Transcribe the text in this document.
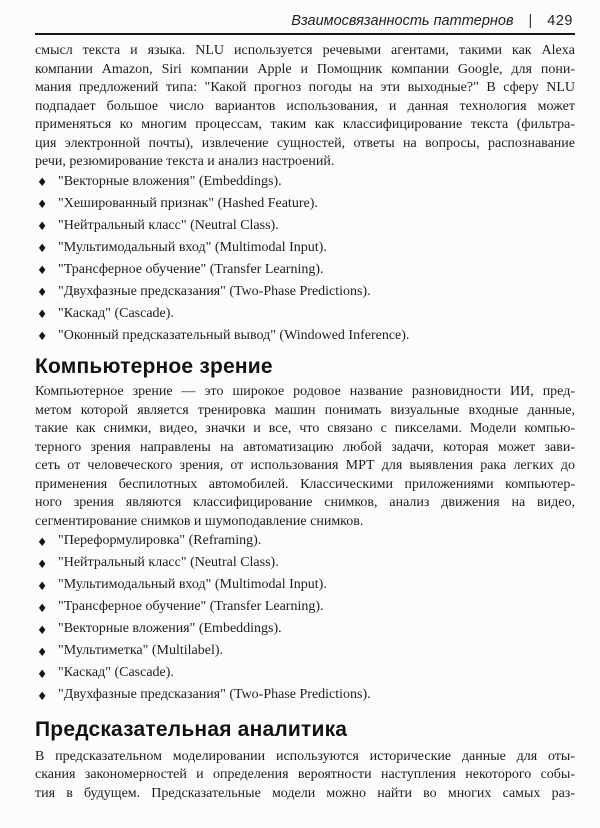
Взаимосвязанность паттернов | 429
смысл текста и языка. NLU используется речевыми агентами, такими как Alexa
компании Amazon, Siri компании Apple и Помощник компании Google, для пони-
мания предложений типа: "Какой прогноз погоды на эти выходные?" В сферу NLU
подпадает большое число вариантов использования, и данная технология может
применяться ко многим процессам, таким как классифицирование текста (фильтра-
ция электронной почты), извлечение сущностей, ответы на вопросы, распознавание
речи, резюмирование текста и анализ настроений.
♦ "Векторные вложения" (Embeddings).
♦ "Хешированный признак" (Hashed Feature).
♦ "Нейтральный класс" (Neutral Class).
♦ "Мультимодальный вход" (Multimodal Input).
♦ "Трансферное обучение" (Transfer Learning).
♦ "Двухфазные предсказания" (Two-Phase Predictions).
♦ "Каскад" (Cascade).
♦ "Оконный предсказательный вывод" (Windowed Inference).
Компьютерное зрение
Компьютерное зрение — это широкое родовое название разновидности ИИ, пред-
метом которой является тренировка машин понимать визуальные входные данные,
такие как снимки, видео, значки и все, что связано с пикселами. Модели компью-
терного зрения направлены на автоматизацию любой задачи, которая может зави-
сеть от человеческого зрения, от использования МРТ для выявления рака легких до
применения беспилотных автомобилей. Классическими приложениями компьютер-
ного зрения являются классифицирование снимков, анализ движения на видео,
сегментирование снимков и шумоподавление снимков.
♦ "Переформулировка" (Reframing).
♦ "Нейтральный класс" (Neutral Class).
♦ "Мультимодальный вход" (Multimodal Input).
♦ "Трансферное обучение" (Transfer Learning).
♦ "Векторные вложения" (Embeddings).
♦ "Мультиметка" (Multilabel).
♦ "Каскад" (Cascade).
♦ "Двухфазные предсказания" (Two-Phase Predictions).
Предсказательная аналитика
В предсказательном моделировании используются исторические данные для оты-
скания закономерностей и определения вероятности наступления некоторого собы-
тия в будущем. Предсказательные модели можно найти во многих самых раз-
